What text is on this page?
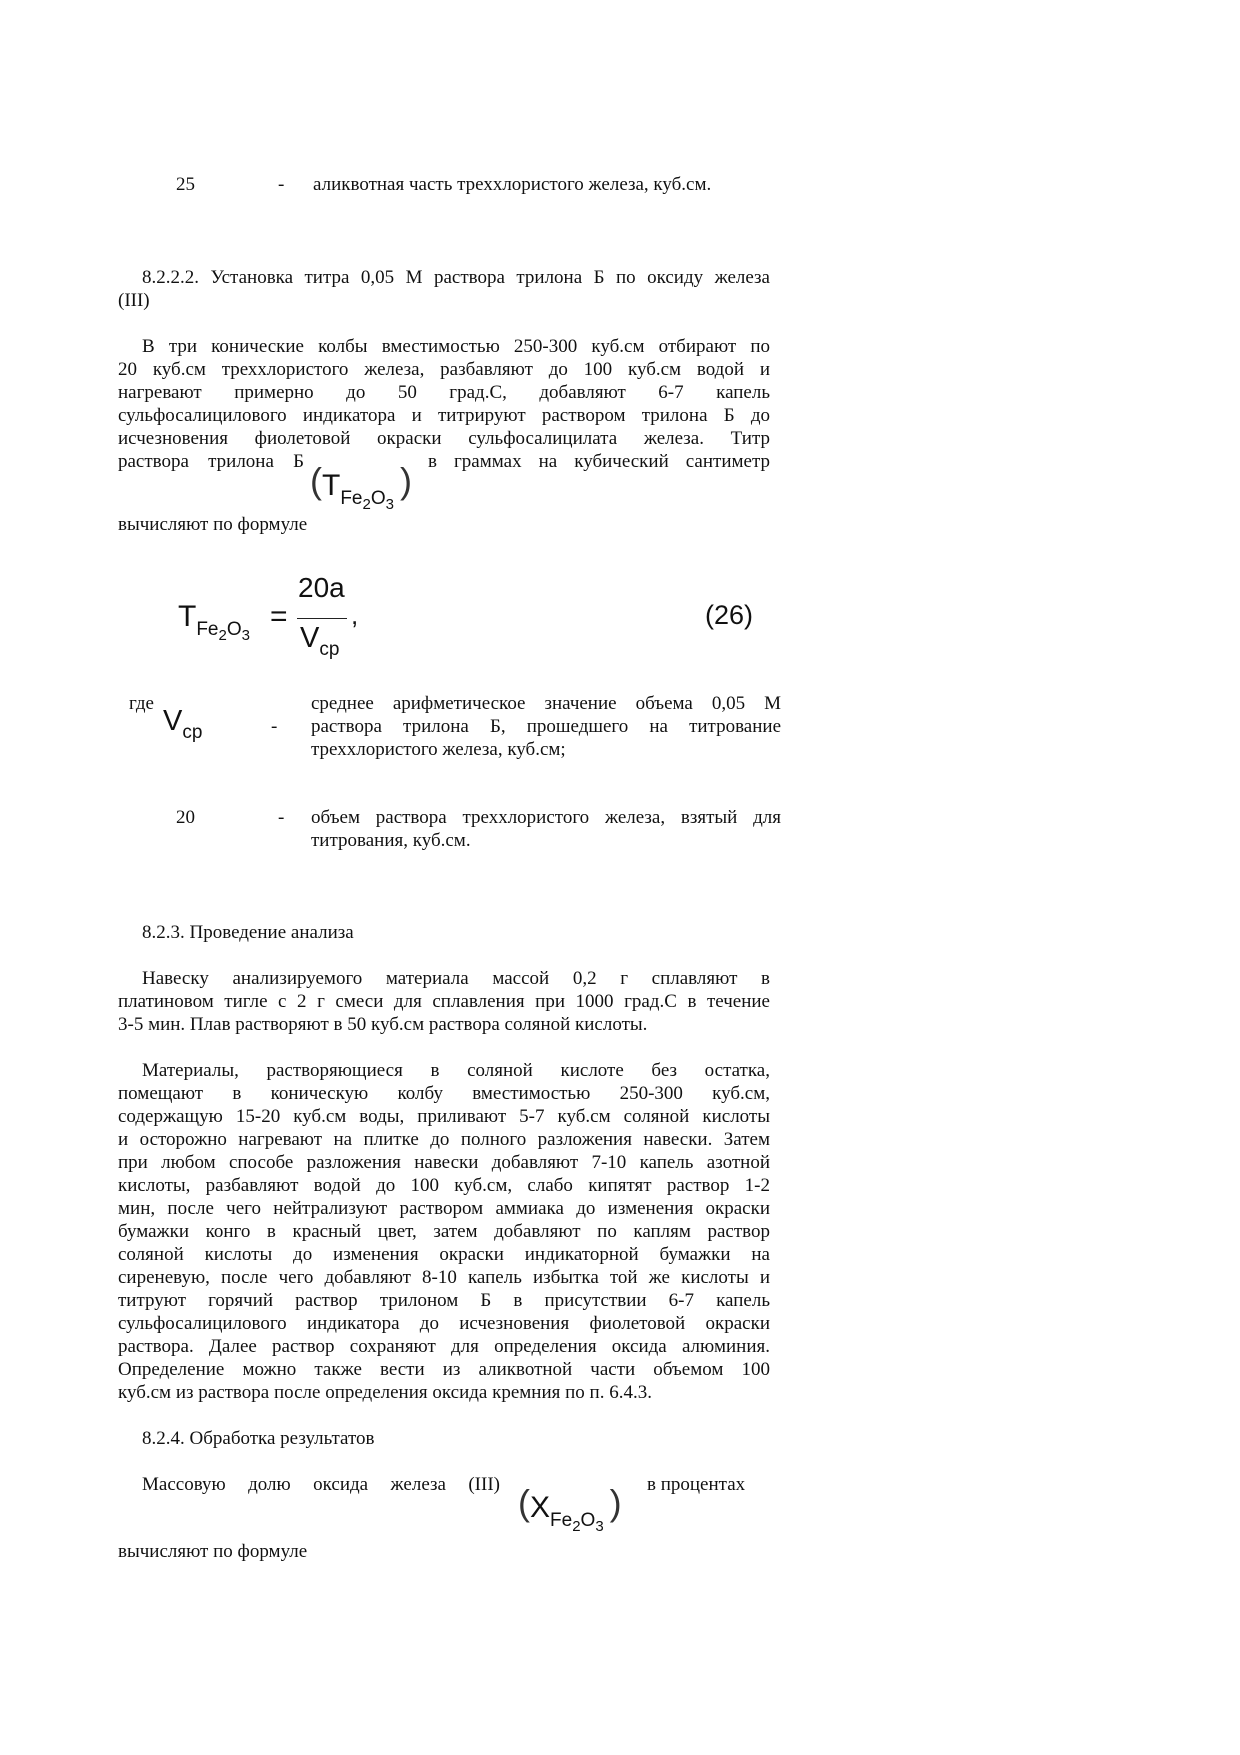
25	- аликвотная часть треххлористого железа, куб.см.
8.2.2.2. Установка титра 0,05 М раствора трилона Б по оксиду железа
(III)
В три конические колбы вместимостью 250-300 куб.см отбирают по
20 куб.см треххлористого железа, разбавляют до 100 куб.см водой и
нагревают примерно до 50 град.С, добавляют 6-7 капель
сульфосалицилового индикатора и титрируют раствором трилона Б до
исчезновения фиолетовой окраски сульфосалицилата железа. Титр
раствора трилона Б	в граммах на кубический сантиметр
$(TFe_2O_3)$
вычисляют по формуле
$TFe_2O_3$
=
20a
Vcp
,	(26)
где
Vcp	-
среднее арифметическое значение объема 0,05 М
раствора трилона Б, прошедшего на титрование
треххлористого железа, куб.см;
20	- объем раствора треххлористого железа, взятый для
титрования, куб.см.
8.2.3. Проведение анализа
Навеску анализируемого материала массой 0,2 г сплавляют в
платиновом тигле с 2 г смеси для сплавления при 1000 град.С в течение
3-5 мин. Плав растворяют в 50 куб.см раствора соляной кислоты.
Материалы, растворяющиеся в соляной кислоте без остатка,
помещают в коническую колбу вместимостью 250-300 куб.см,
содержащую 15-20 куб.см воды, приливают 5-7 куб.см соляной кислоты
и осторожно нагревают на плитке до полного разложения навески. Затем
при любом способе разложения навески добавляют 7-10 капель азотной
кислоты, разбавляют водой до 100 куб.см, слабо кипятят раствор 1-2
мин, после чего нейтрализуют раствором аммиака до изменения окраски
бумажки конго в красный цвет, затем добавляют по каплям раствор
соляной кислоты до изменения окраски индикаторной бумажки на
сиреневую, после чего добавляют 8-10 капель избытка той же кислоты и
титруют горячий раствор трилоном Б в присутствии 6-7 капель
сульфосалицилового индикатора до исчезновения фиолетовой окраски
раствора. Далее раствор сохраняют для определения оксида алюминия.
Определение можно также вести из аликвотной части объемом 100
куб.см из раствора после определения оксида кремния по п. 6.4.3.
8.2.4. Обработка результатов
Массовую долю оксида железа (III)	в процентах
$(XFe_2O_3)$
вычисляют по формуле
